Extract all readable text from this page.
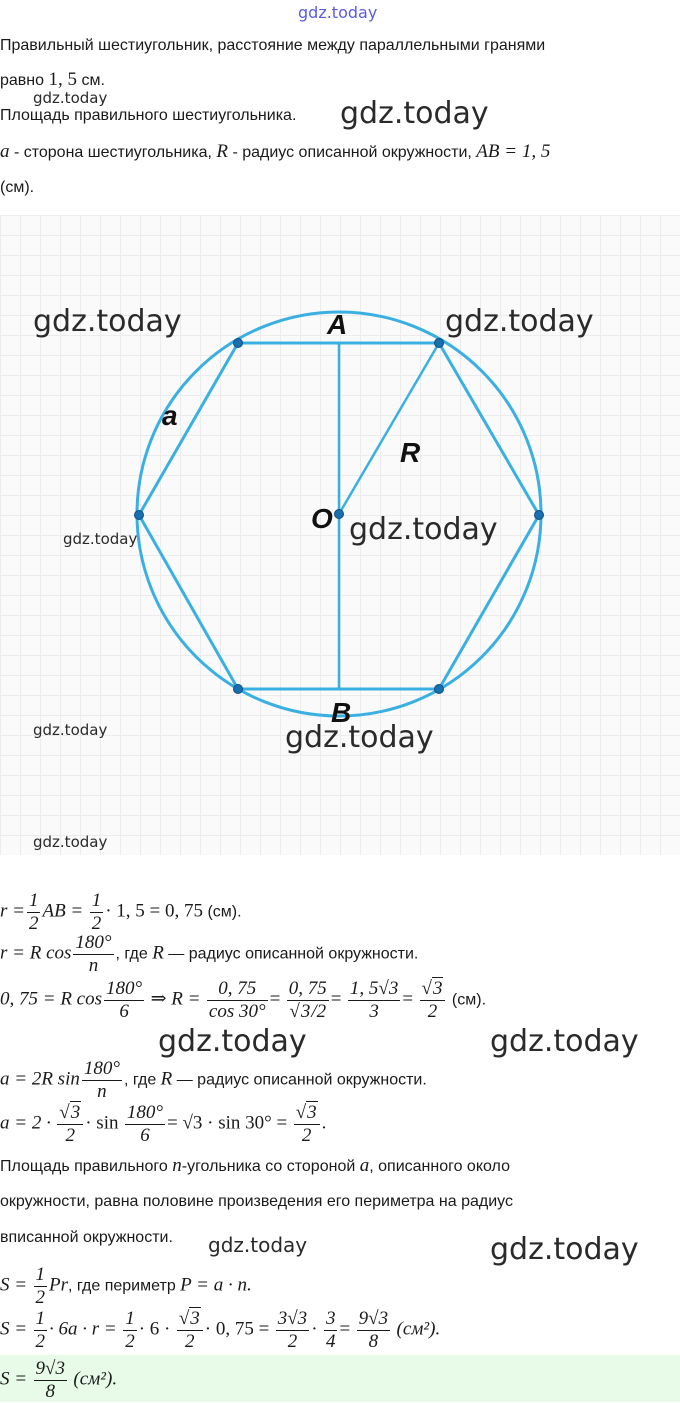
gdz.today
Правильный шестиугольник, расстояние между параллельными гранями
равно 1, 5 см.
gdz.today
Площадь правильного шестиугольника. gdz.today
a - сторона шестиугольника, R - радиус описанной окружности, AB = 1, 5
(см).
A
B
O
R
a
gdz.today	gdz.today
gdz.today
gdz.today
gdz.today	gdz.today
gdz.today
$r = \frac{1}{2}$ AB = $\frac{1}{2} \cdot 1$, 5 = 0, 75 (см).
r = R $\cos \frac{180^\circ}{n}$ , где R — радиус описанной окружности.
0, 75 = R $\cos \frac{180^\circ}{6}$ ⇒ $R = \frac{0, 75}{\cos 30^\circ} = \frac{0, 75}{√3/2} = \frac{1, 5√3}{3} = \frac{√3}{2} (см)$.
gdz.today	gdz.today
a = 2R $\sin \frac{180^\circ}{n}$ , где R — радиус описанной окружности.
$a = 2 \cdot \frac{√3}{2} \cdot \sin \frac{180^\circ}{6} = √3 \cdot \sin 30^\circ = \frac{√3}{2}$ .
Площадь правильного n-угольника со стороной a, описанного около
окружности, равна половине произведения его периметра на радиус
вписанной окружности. gdz.today	gdz.today
$S = \frac{1}{2} Pr$, где периметр P = a · n.
$S = \frac{1}{2} \cdot 6a \cdot r = \frac{1}{2} \cdot 6 \cdot \frac{√3}{2} \cdot 0$, $75 = \frac{3√3}{2} \cdot \frac{3}{4} = \frac{9√3}{8} (см^2)$.
$S = \frac{9√3}{8} (см^2)$.
